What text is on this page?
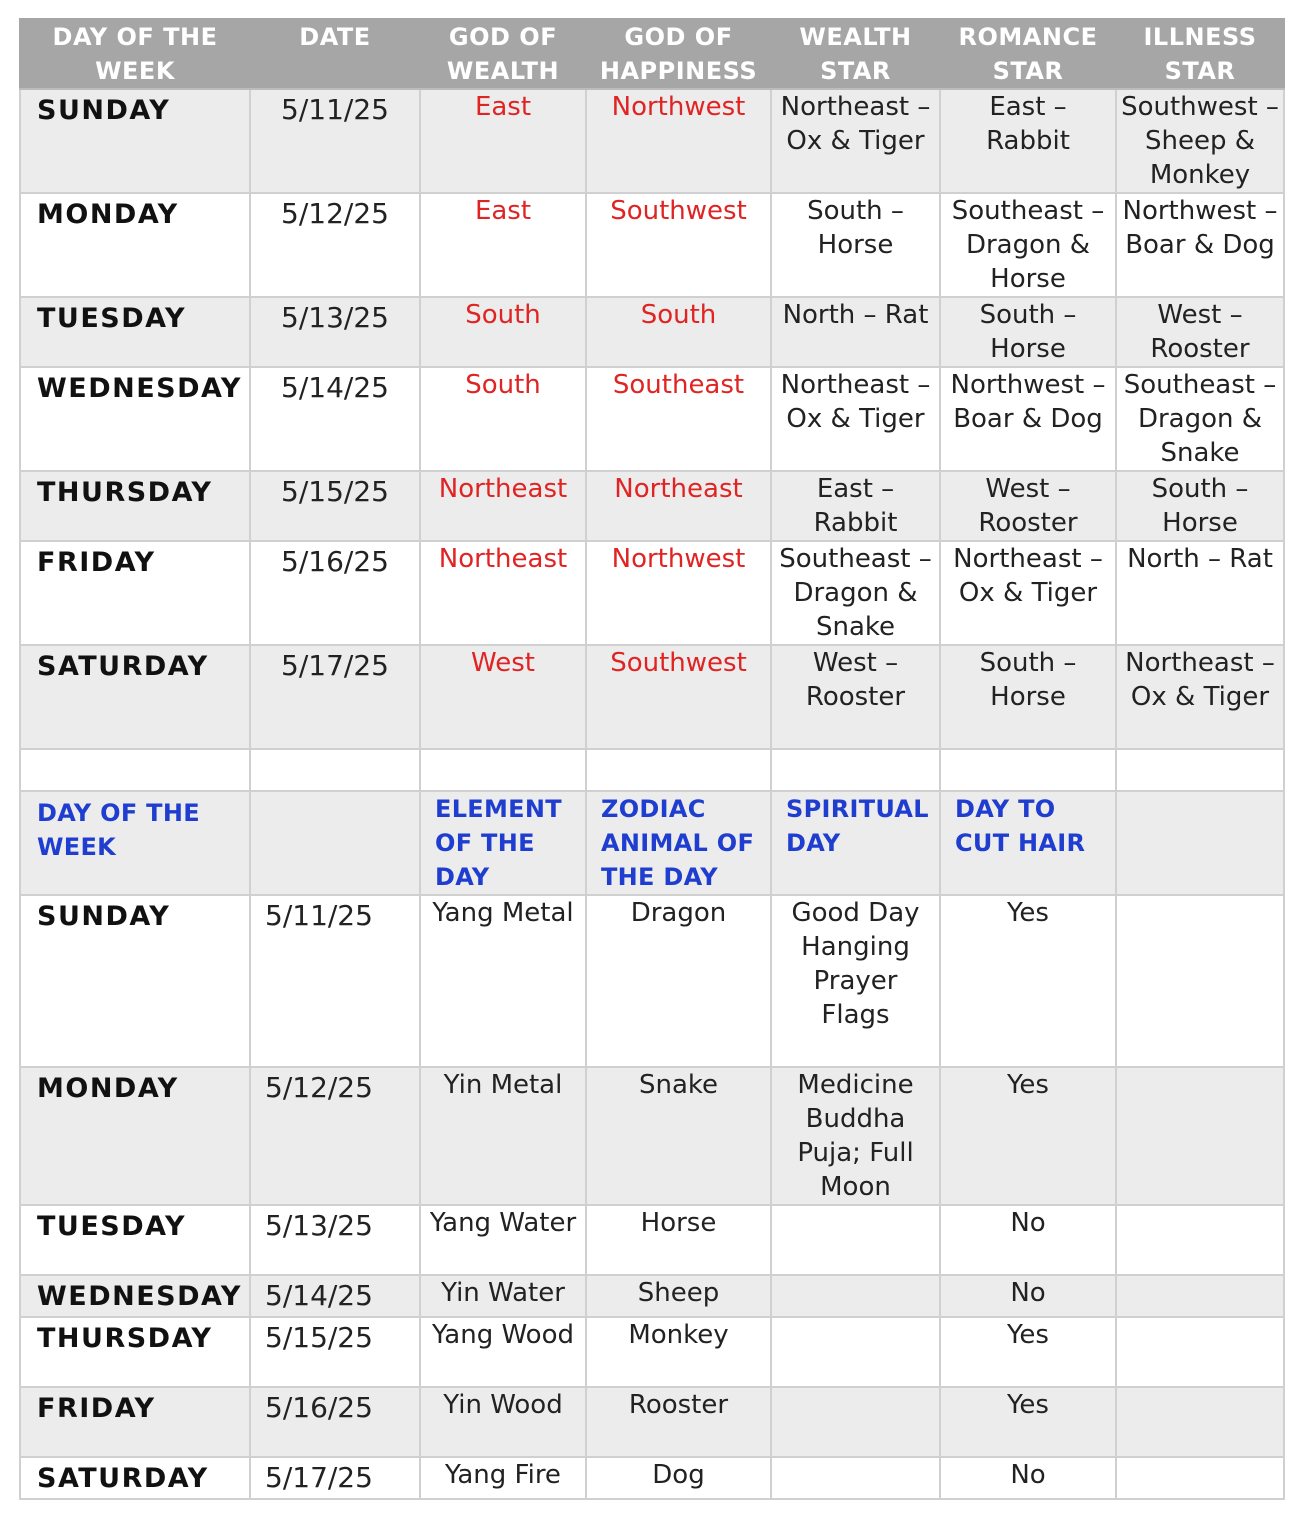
DAY OF THE WEEK	DATE	GOD OF WEALTH	GOD OF HAPPINESS	WEALTH STAR	ROMANCE STAR	ILLNESS STAR
SUNDAY	5/11/25	East	Northwest	Northeast – Ox & Tiger	East – Rabbit	Southwest – Sheep & Monkey
MONDAY	5/12/25	East	Southwest	South – Horse	Southeast – Dragon & Horse	Northwest – Boar & Dog
TUESDAY	5/13/25	South	South	North – Rat	South – Horse	West – Rooster
WEDNESDAY	5/14/25	South	Southeast	Northeast – Ox & Tiger	Northwest – Boar & Dog	Southeast – Dragon & Snake
THURSDAY	5/15/25	Northeast	Northeast	East – Rabbit	West – Rooster	South – Horse
FRIDAY	5/16/25	Northeast	Northwest	Southeast – Dragon & Snake	Northeast – Ox & Tiger	North – Rat
SATURDAY	5/17/25	West	Southwest	West – Rooster	South – Horse	Northeast – Ox & Tiger

DAY OF THE WEEK		ELEMENT OF THE DAY	ZODIAC ANIMAL OF THE DAY	SPIRITUAL DAY	DAY TO CUT HAIR	
SUNDAY	5/11/25	Yang Metal	Dragon	Good Day Hanging Prayer Flags	Yes	
MONDAY	5/12/25	Yin Metal	Snake	Medicine Buddha Puja; Full Moon	Yes	
TUESDAY	5/13/25	Yang Water	Horse		No	
WEDNESDAY	5/14/25	Yin Water	Sheep		No	
THURSDAY	5/15/25	Yang Wood	Monkey		Yes	
FRIDAY	5/16/25	Yin Wood	Rooster		Yes	
SATURDAY	5/17/25	Yang Fire	Dog		No	
